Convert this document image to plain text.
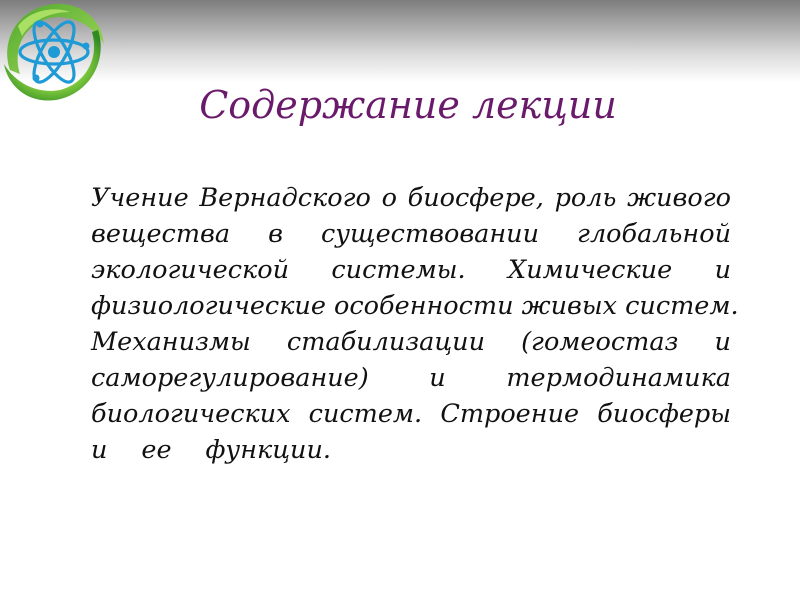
Содержание лекции
Учение Вернадского о биосфере, роль живого
вещества в существовании глобальной
экологической системы. Химические и
физиологические особенности живых систем.
Механизмы стабилизации (гомеостаз и
саморегулирование) и термодинамика
биологических систем. Строение биосферы
и ее функции.
